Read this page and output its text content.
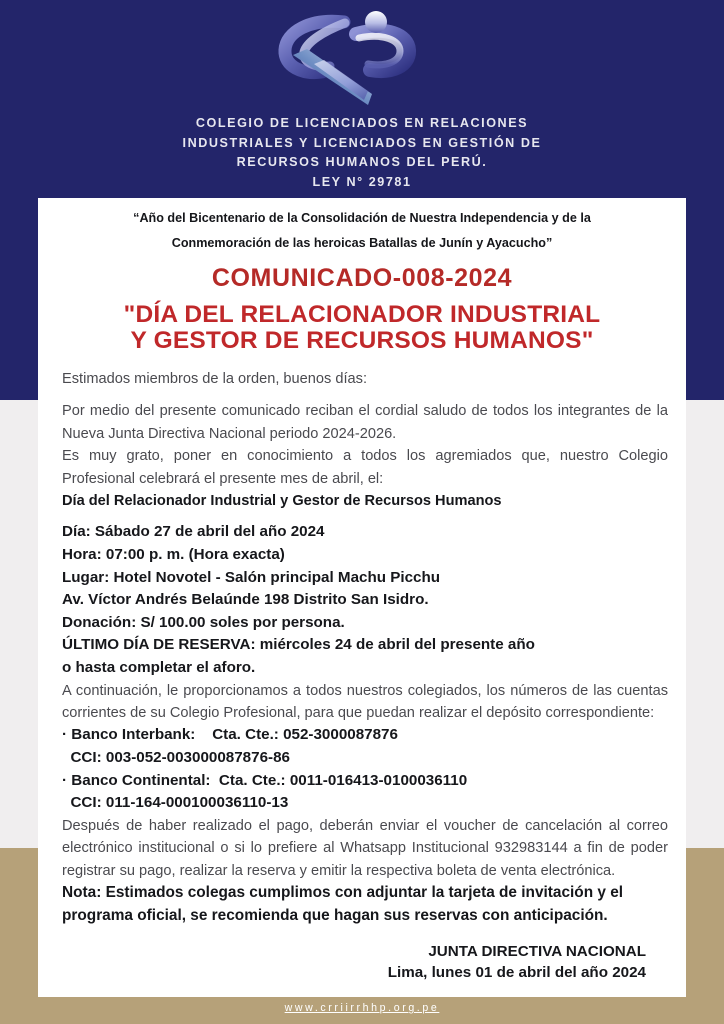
COLEGIO DE LICENCIADOS EN RELACIONES
INDUSTRIALES Y LICENCIADOS EN GESTIÓN DE
RECURSOS HUMANOS DEL PERÚ.
LEY N° 29781
“Año del Bicentenario de la Consolidación de Nuestra Independencia y de la
Conmemoración de las heroicas Batallas de Junín y Ayacucho”
COMUNICADO-008-2024
"DÍA DEL RELACIONADOR INDUSTRIAL
Y GESTOR DE RECURSOS HUMANOS"

Estimados miembros de la orden, buenos días:

Por medio del presente comunicado reciban el cordial saludo de todos los integrantes de la Nueva Junta Directiva Nacional periodo 2024-2026.

Es muy grato, poner en conocimiento a todos los agremiados que, nuestro Colegio Profesional celebrará el presente mes de abril, el:

Día del Relacionador Industrial y Gestor de Recursos Humanos

Día: Sábado 27 de abril del año 2024
Hora: 07:00 p. m. (Hora exacta)
Lugar: Hotel Novotel - Salón principal Machu Picchu
Av. Víctor Andrés Belaúnde 198 Distrito San Isidro.
Donación: S/ 100.00 soles por persona.
ÚLTIMO DÍA DE RESERVA: miércoles 24 de abril del presente año
o hasta completar el aforo.

A continuación, le proporcionamos a todos nuestros colegiados, los números de las cuentas corrientes de su Colegio Profesional, para que puedan realizar el depósito correspondiente:

· Banco Interbank:    Cta. Cte.: 052-3000087876
CCI: 003-052-003000087876-86
· Banco Continental:  Cta. Cte.: 0011-016413-0100036110
CCI: 011-164-000100036110-13

Después de haber realizado el pago, deberán enviar el voucher de cancelación al correo electrónico institucional o si lo prefiere al Whatsapp Institucional 932983144 a fin de poder registrar su pago, realizar la reserva y emitir la respectiva boleta de venta electrónica.

Nota: Estimados colegas cumplimos con adjuntar la tarjeta de invitación y el programa oficial, se recomienda que hagan sus reservas con anticipación.

JUNTA DIRECTIVA NACIONAL
Lima, lunes 01 de abril del año 2024
www.crriirrhhp.org.pe
